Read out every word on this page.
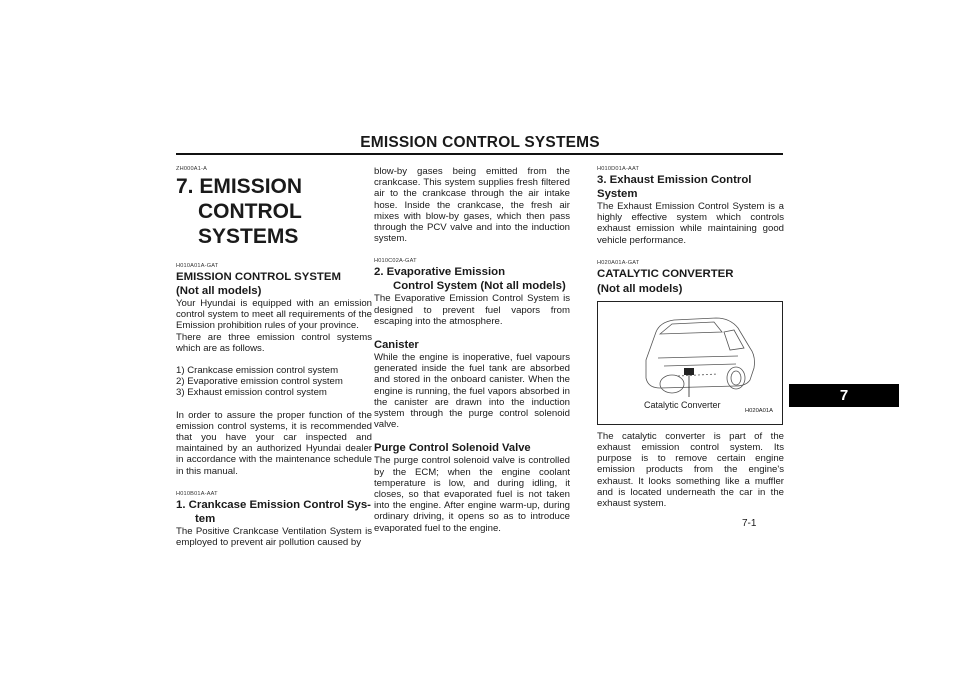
EMISSION CONTROL SYSTEMS
ZH000A1-A
7. EMISSION
CONTROL
SYSTEMS
H010A01A-GAT
EMISSION CONTROL SYSTEM
(Not all models)

Your Hyundai is equipped with an emission control system to meet all requirements of the Emission prohibition rules of your province.

There are three emission control systems which are as follows.

1) Crankcase emission control system
2) Evaporative emission control system
3) Exhaust emission control system

In order to assure the proper function of the emission control systems, it is recommended that you have your car inspected and maintained by an authorized Hyundai dealer in accordance with the maintenance schedule in this manual.

H010B01A-AAT
1. Crankcase Emission Control Sys-
tem

The Positive Crankcase Ventilation System is employed to prevent air pollution caused by

blow-by gases being emitted from the crankcase. This system supplies fresh filtered air to the crankcase through the air intake hose. Inside the crankcase, the fresh air mixes with blow-by gases, which then pass through the PCV valve and into the induction system.

H010C02A-GAT
2. Evaporative Emission
Control System (Not all models)

The Evaporative Emission Control System is designed to prevent fuel vapors from escaping into the atmosphere.

Canister

While the engine is inoperative, fuel vapours generated inside the fuel tank are absorbed and stored in the onboard canister. When the engine is running, the fuel vapors absorbed in the canister are drawn into the induction system through the purge control solenoid valve.

Purge Control Solenoid Valve

The purge control solenoid valve is controlled by the ECM; when the engine coolant temperature is low, and during idling, it closes, so that evaporated fuel is not taken into the engine. After engine warm-up, during ordinary driving, it opens so as to introduce evaporated fuel to the engine.

H010D01A-AAT
3. Exhaust Emission Control System

The Exhaust Emission Control System is a highly effective system which controls exhaust emission while maintaining good vehicle performance.

H020A01A-GAT
CATALYTIC CONVERTER
(Not all models)
Catalytic Converter
H020A01A

The catalytic converter is part of the exhaust emission control system. Its purpose is to remove certain engine emission products from the engine's exhaust. It looks something like a muffler and is located underneath the car in the exhaust system.

7
7-1
